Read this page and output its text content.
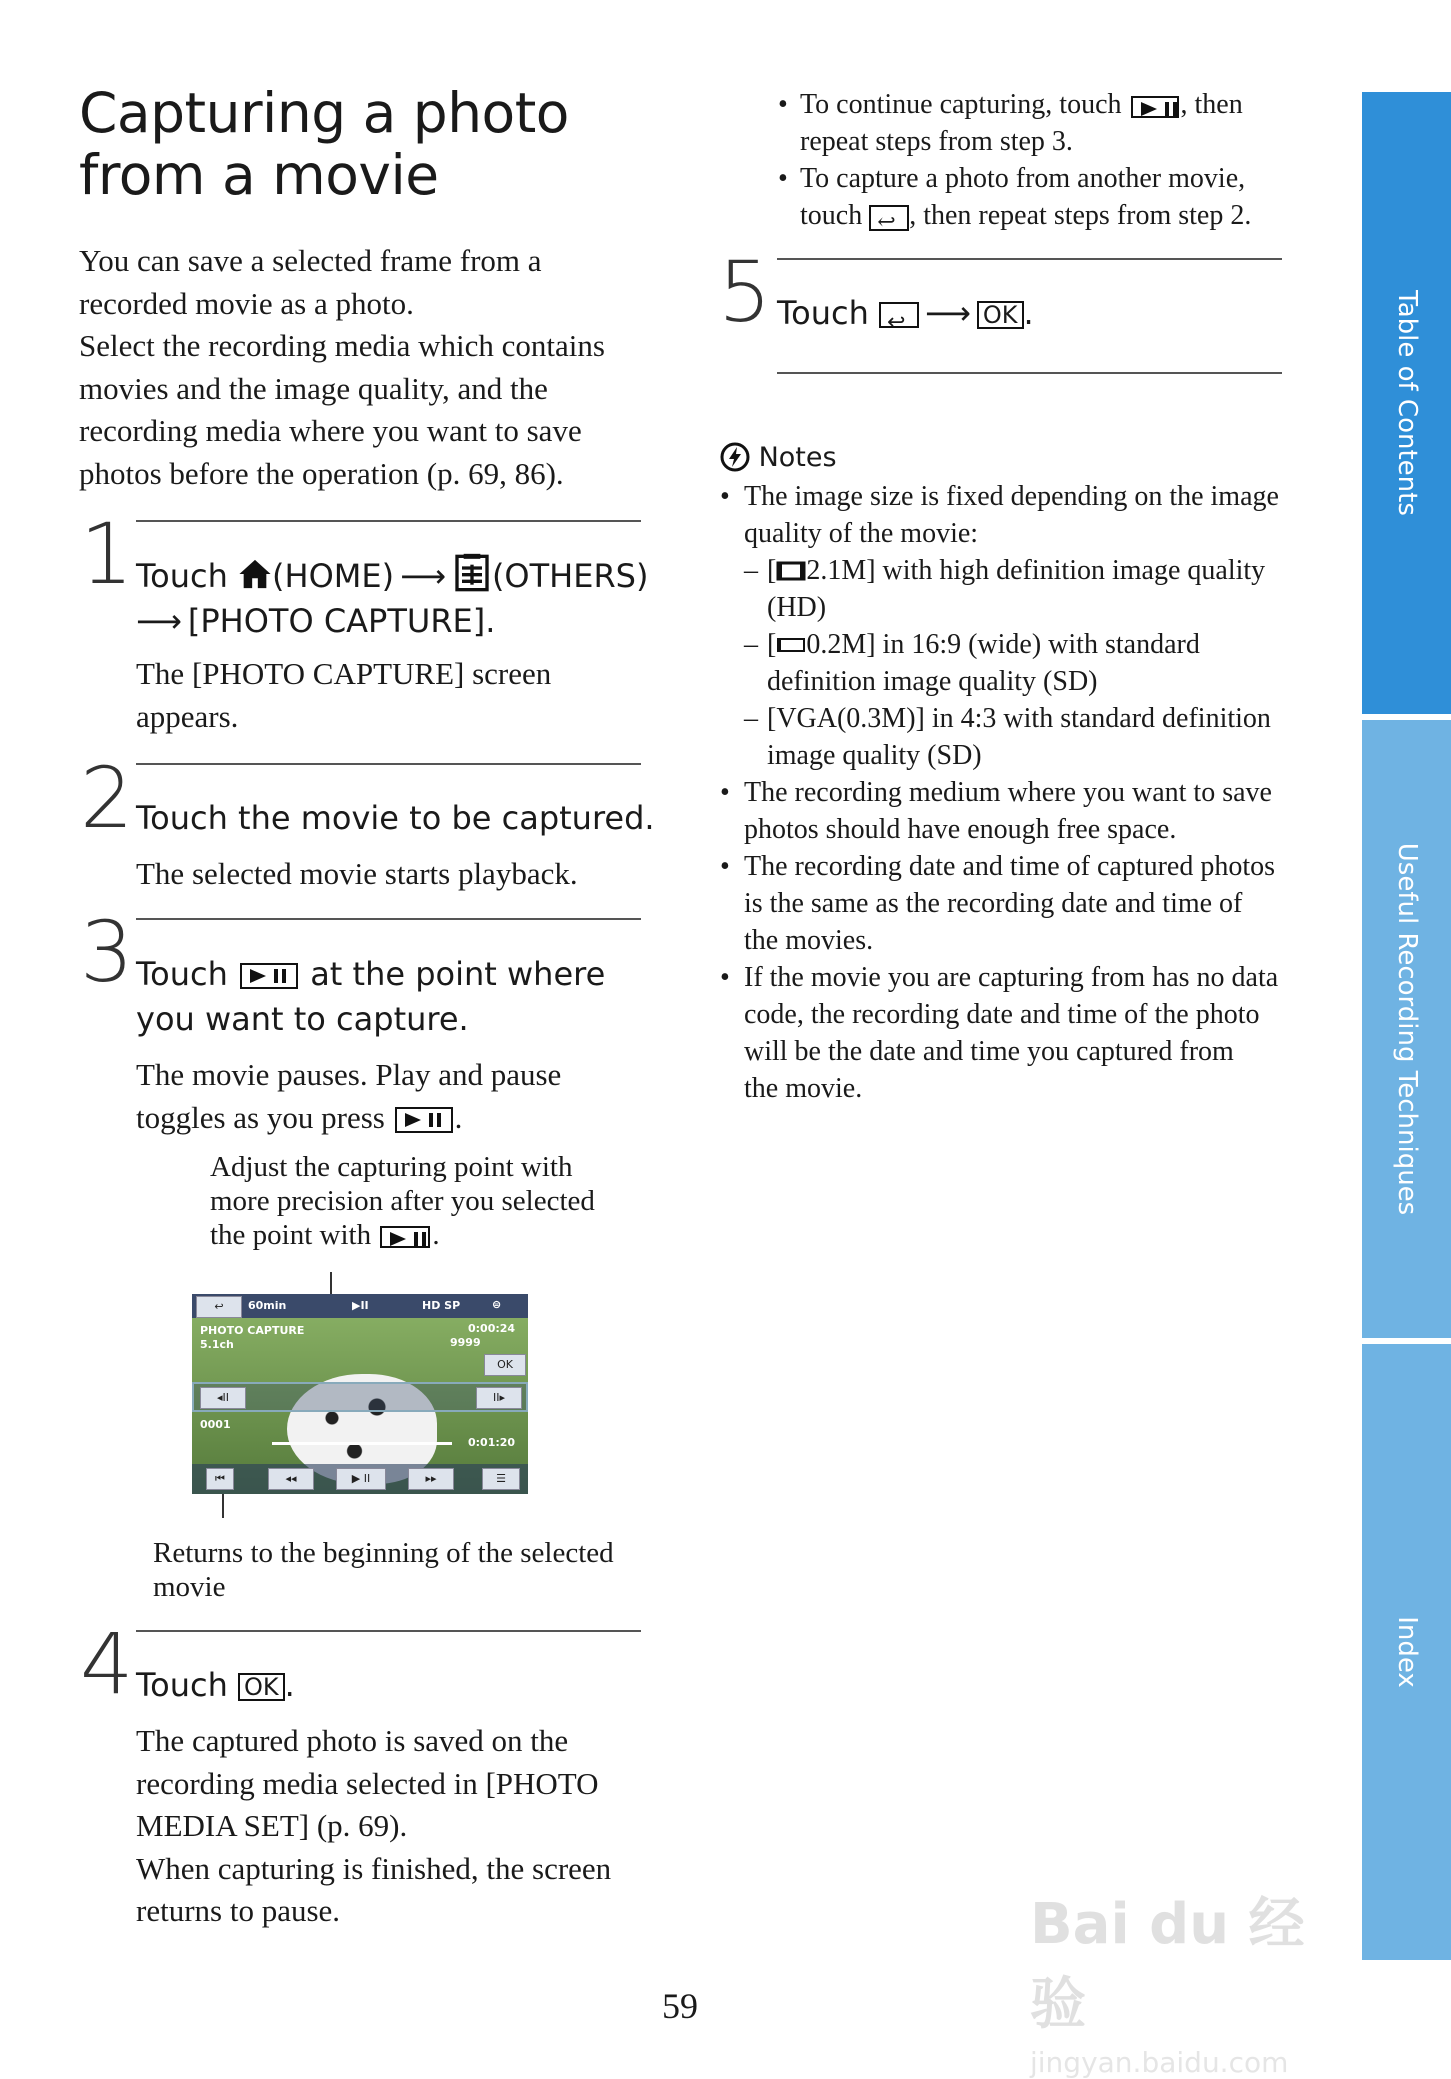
Capturing a photo
from a movie

You can save a selected frame from a
recorded movie as a photo.
Select the recording media which contains
movies and the image quality, and the
recording media where you want to save
photos before the operation (p. 69, 86).

1 Touch (HOME) ⟶ (OTHERS)
⟶ [PHOTO CAPTURE].
The [PHOTO CAPTURE] screen
appears.
2 Touch the movie to be captured.
The selected movie starts playback.
3 Touch	at the point where
you want to capture.
The movie pauses. Play and pause
toggles as you press .
Adjust the capturing point with
more precision after you selected
the point with .
↩	60min	▶II	HD SP	⊜
PHOTO CAPTURE
5.1ch
0:00:24
9999
OK
◂II	II▸
0001
0:01:20
⏮	◂◂	▶ II	▸▸	☰
Returns to the beginning of the selected
movie
4 Touch OK .
The captured photo is saved on the
recording media selected in [PHOTO
MEDIA SET] (p. 69).
When capturing is finished, the screen
returns to pause.
• To continue capturing, touch , then
repeat steps from step 3.
• To capture a photo from another movie,
touch ↩ , then repeat steps from step 2.
5 Touch ↩ ⟶ OK .
Notes
• The image size is fixed depending on the image
quality of the movie:
– [ 2.1M] with high definition image quality
(HD)
– [ 0.2M] in 16:9 (wide) with standard
definition image quality (SD)
– [VGA(0.3M)] in 4:3 with standard definition
image quality (SD)
• The recording medium where you want to save
photos should have enough free space.
• The recording date and time of captured photos
is the same as the recording date and time of
the movies.
• If the movie you are capturing from has no data
code, the recording date and time of the photo
will be the date and time you captured from
the movie.
Table of Contents
Useful Recording Techniques
Index
Bai du 经验
jingyan.baidu.com
59
